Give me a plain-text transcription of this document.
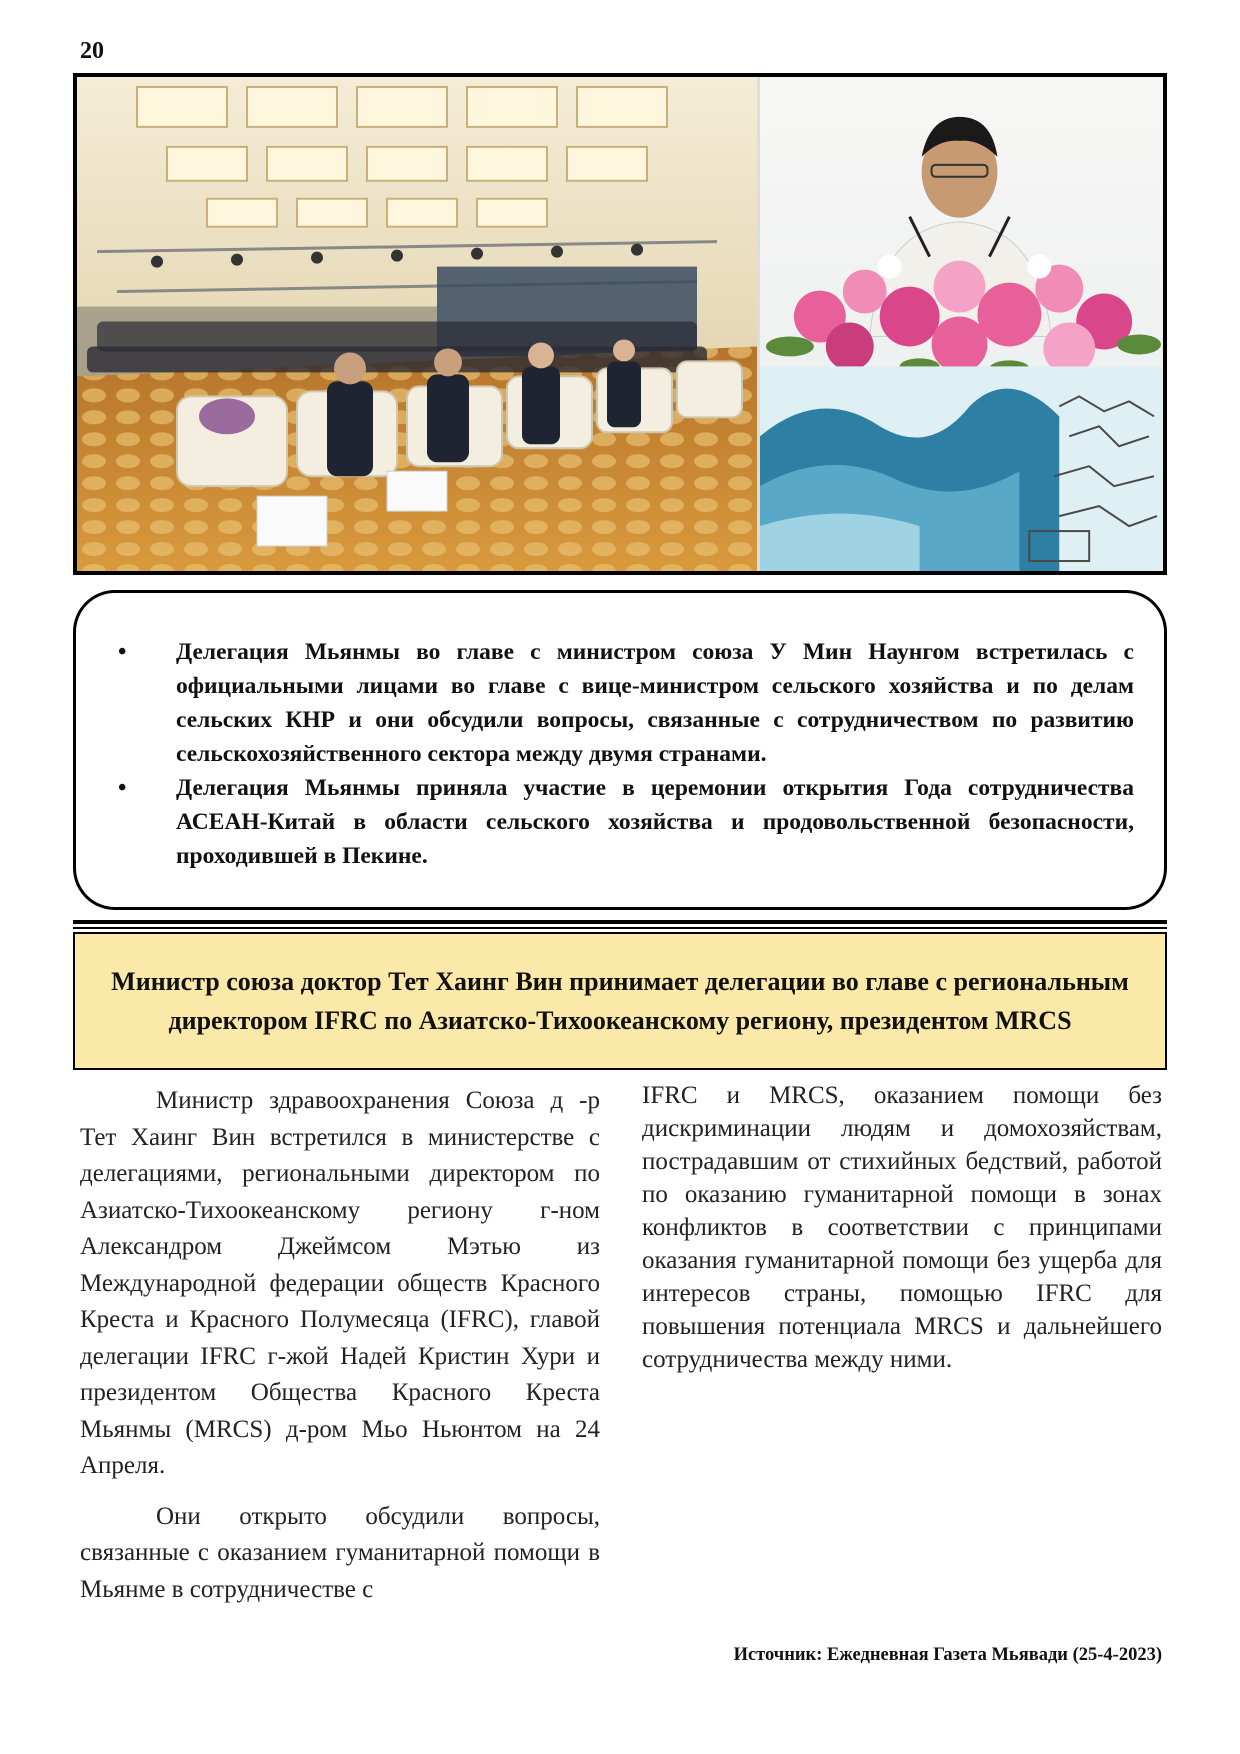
20
• Делегация Мьянмы во главе с министром союза У Мин Наунгом встретилась с официальными лицами во главе с вице-министром сельского хозяйства и по делам сельских КНР и они обсудили вопросы, связанные с сотрудничеством по развитию сельскохозяйственного сектора между двумя странами.
• Делегация Мьянмы приняла участие в церемонии открытия Года сотрудничества АСЕАН-Китай в области сельского хозяйства и продовольственной безопасности, проходившей в Пекине.
Министр союза доктор Тет Хаинг Вин принимает делегации во главе с региональным директором IFRC по Азиатско-Тихоокеанскому региону, президентом MRCS

Министр здравоохранения Союза д -р Тет Хаинг Вин встретился в министерстве с делегациями, региональными директором по Азиатско-Тихоокеанскому региону г-ном Александром Джеймсом Мэтью из Международной федерации обществ Красного Креста и Красного Полумесяца (IFRC), главой делегации IFRC г-жой Надей Кристин Хури и президентом Общества Красного Креста Мьянмы (MRCS) д-ром Мьо Ньюнтом на 24 Апреля.

Они открыто обсудили вопросы, связанные с оказанием гуманитарной помощи в Мьянме в сотрудничестве с

IFRC и MRCS, оказанием помощи без дискриминации людям и домохозяйствам, пострадавшим от стихийных бедствий, работой по оказанию гуманитарной помощи в зонах конфликтов в соответствии с принципами оказания гуманитарной помощи без ущерба для интересов страны, помощью IFRC для повышения потенциала MRCS и дальнейшего сотрудничества между ними.

Источник: Ежедневная Газета Мьявади (25-4-2023)
